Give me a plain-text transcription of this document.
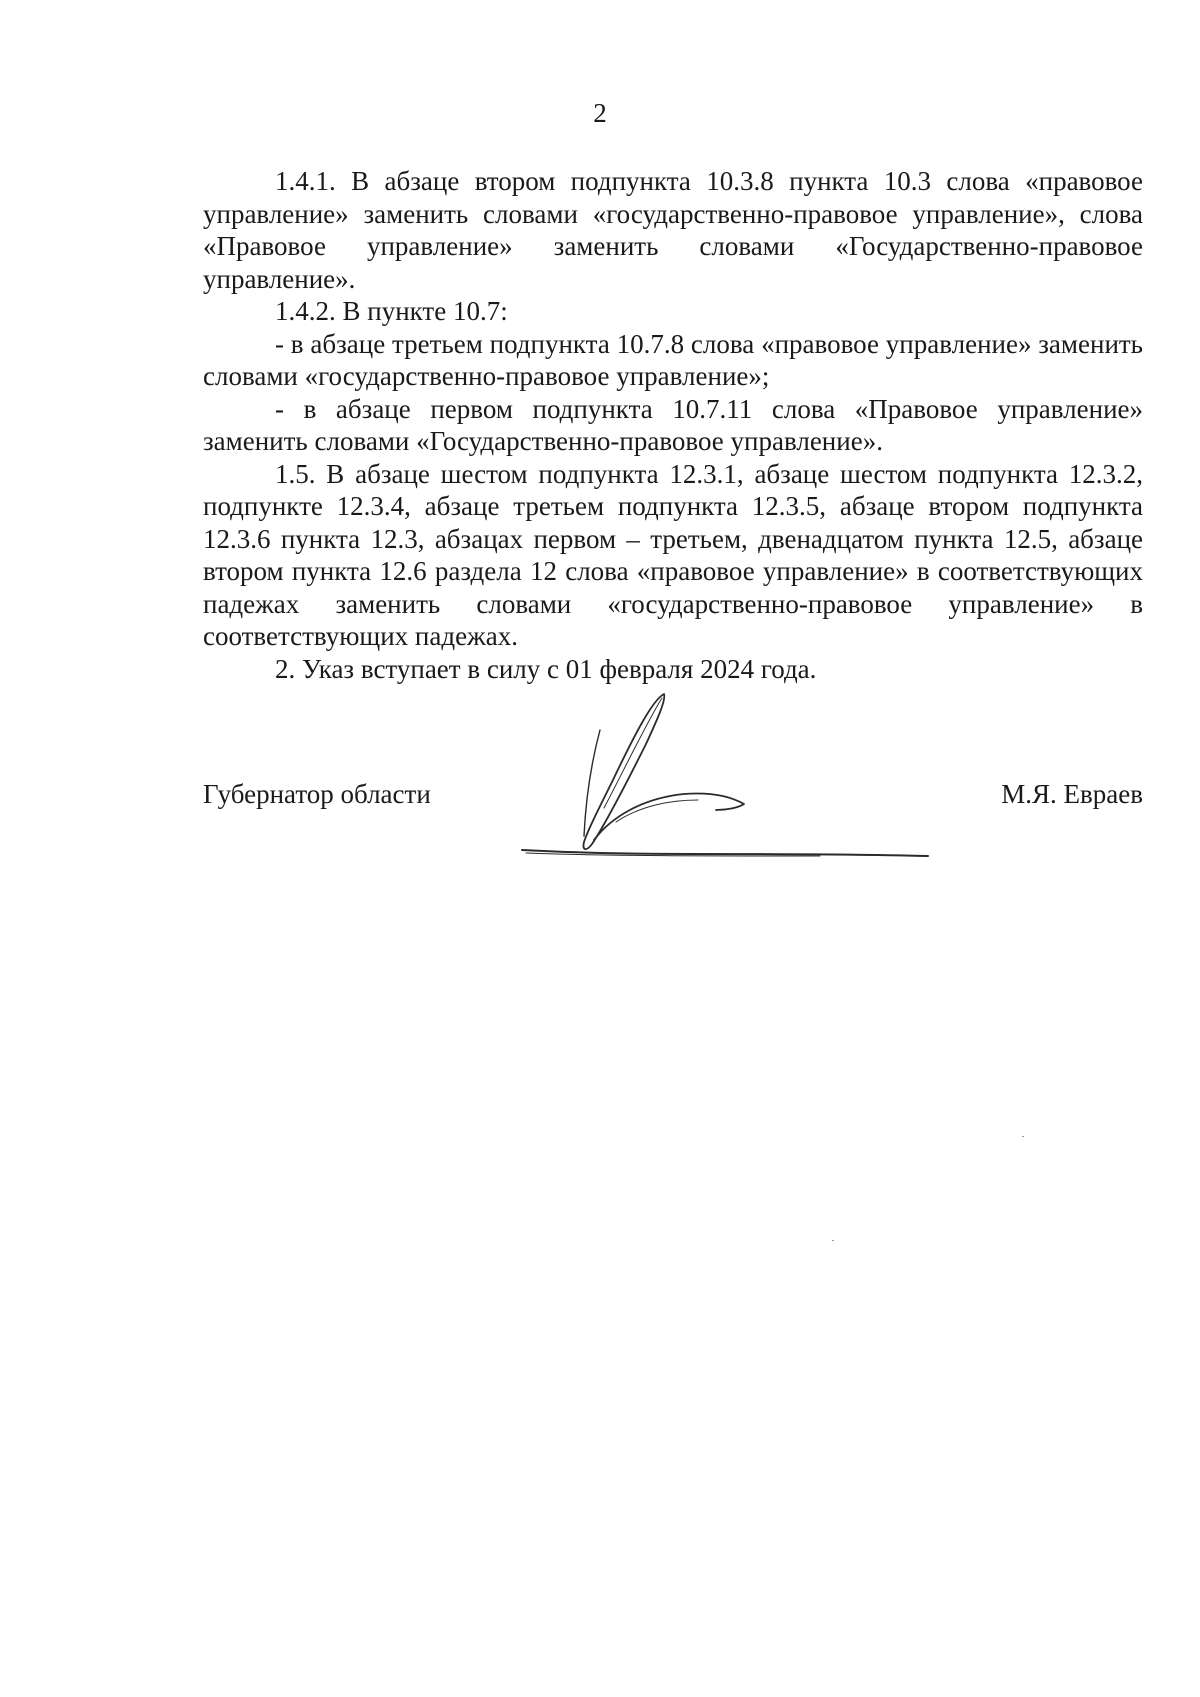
2

1.4.1. В абзаце втором подпункта 10.3.8 пункта 10.3 слова «правовое управление» заменить словами «государственно-правовое управление», слова «Правовое управление» заменить словами «Государственно-правовое управление».

1.4.2. В пункте 10.7:

- в абзаце третьем подпункта 10.7.8 слова «правовое управление» заменить словами «государственно-правовое управление»;

- в абзаце первом подпункта 10.7.11 слова «Правовое управление» заменить словами «Государственно-правовое управление».

1.5. В абзаце шестом подпункта 12.3.1, абзаце шестом подпункта 12.3.2, подпункте 12.3.4, абзаце третьем подпункта 12.3.5, абзаце втором подпункта 12.3.6 пункта 12.3, абзацах первом – третьем, двенадцатом пункта 12.5, абзаце втором пункта 12.6 раздела 12 слова «правовое управление» в соответствующих падежах заменить словами «государственно-правовое управление» в соответствующих падежах.

2. Указ вступает в силу с 01 февраля 2024 года.

Губернатор области	М.Я. Евраев
